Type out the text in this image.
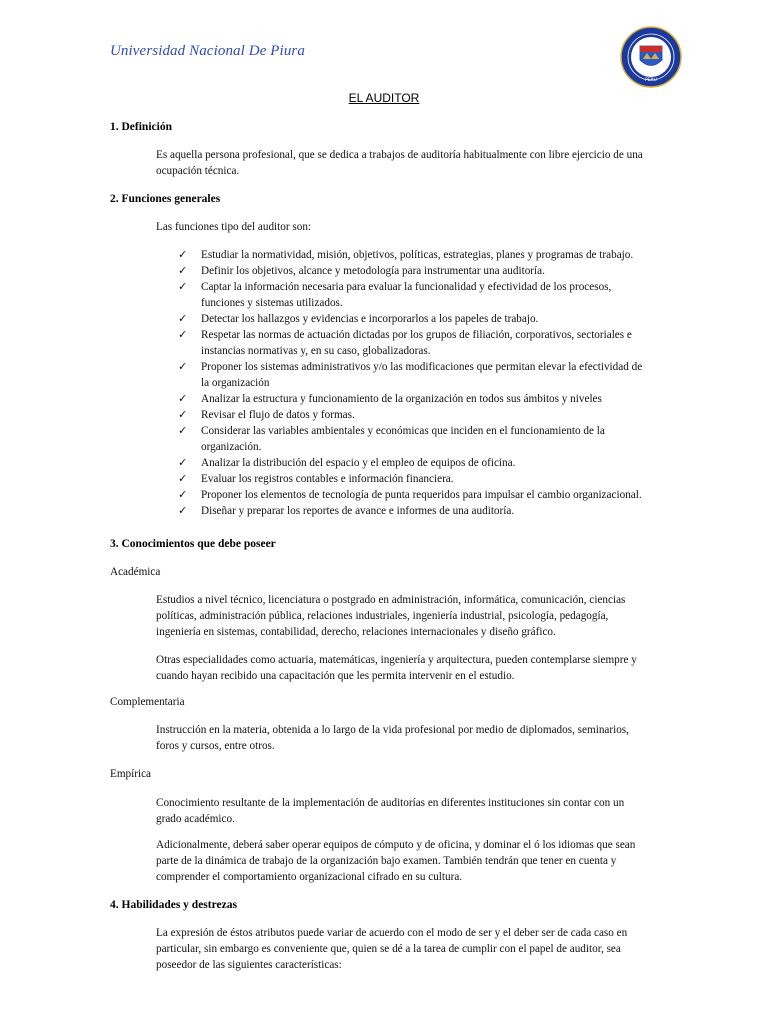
Universidad Nacional De Piura
PERU
EL AUDITOR
1. Definición
Es aquella persona profesional, que se dedica a trabajos de auditoría habitualmente con libre ejercicio de una
ocupación técnica.
2. Funciones generales
Las funciones tipo del auditor son:
✓	Estudiar la normatividad, misión, objetivos, políticas, estrategias, planes y programas de trabajo.
✓	Definir los objetivos, alcance y metodología para instrumentar una auditoría.
✓	Captar la información necesaria para evaluar la funcionalidad y efectividad de los procesos,
funciones y sistemas utilizados.
✓	Detectar los hallazgos y evidencias e incorporarlos a los papeles de trabajo.
✓	Respetar las normas de actuación dictadas por los grupos de filiación, corporativos, sectoriales e
instancias normativas y, en su caso, globalizadoras.
✓	Proponer los sistemas administrativos y/o las modificaciones que permitan elevar la efectividad de
la organización
✓	Analizar la estructura y funcionamiento de la organización en todos sus ámbitos y niveles
✓	Revisar el flujo de datos y formas.
✓	Considerar las variables ambientales y económicas que inciden en el funcionamiento de la
organización.
✓	Analizar la distribución del espacio y el empleo de equipos de oficina.
✓	Evaluar los registros contables e información financiera.
✓	Proponer los elementos de tecnología de punta requeridos para impulsar el cambio organizacional.
✓	Diseñar y preparar los reportes de avance e informes de una auditoría.
3. Conocimientos que debe poseer
Académica
Estudios a nivel técnico, licenciatura o postgrado en administración, informática, comunicación, ciencias
políticas, administración pública, relaciones industriales, ingeniería industrial, psicología, pedagogía,
ingeniería en sistemas, contabilidad, derecho, relaciones internacionales y diseño gráfico.
Otras especialidades como actuaria, matemáticas, ingeniería y arquitectura, pueden contemplarse siempre y
cuando hayan recibido una capacitación que les permita intervenir en el estudio.
Complementaria
Instrucción en la materia, obtenida a lo largo de la vida profesional por medio de diplomados, seminarios,
foros y cursos, entre otros.
Empírica
Conocimiento resultante de la implementación de auditorías en diferentes instituciones sin contar con un
grado académico.
Adicionalmente, deberá saber operar equipos de cómputo y de oficina, y dominar el ó los idiomas que sean
parte de la dinámica de trabajo de la organización bajo examen. También tendrán que tener en cuenta y
comprender el comportamiento organizacional cifrado en su cultura.
4. Habilidades y destrezas
La expresión de éstos atributos puede variar de acuerdo con el modo de ser y el deber ser de cada caso en
particular, sin embargo es conveniente que, quien se dé a la tarea de cumplir con el papel de auditor, sea
poseedor de las siguientes características:
